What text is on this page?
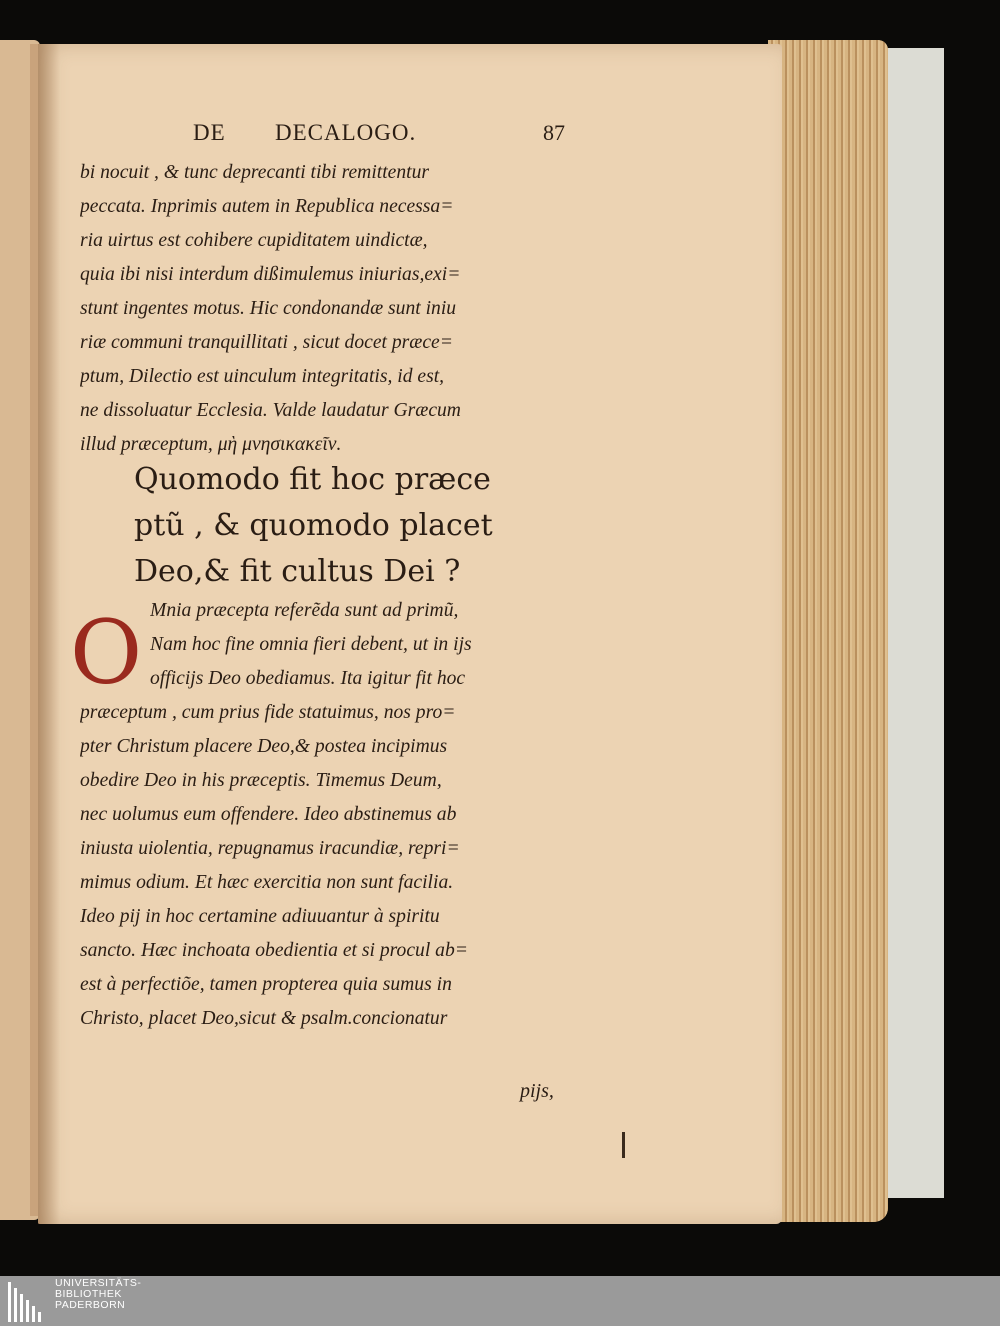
DE DECALOGO.	87
bi nocuit , & tunc deprecanti tibi remittentur
peccata. Inprimis autem in Republica necessa=
ria uirtus est cohibere cupiditatem uindictæ,
quia ibi nisi interdum dißimulemus iniurias,exi=
stunt ingentes motus. Hic condonandæ sunt iniu
riæ communi tranquillitati , sicut docet præce=
ptum, Dilectio est uinculum integritatis, id est,
ne dissoluatur Ecclesia. Valde laudatur Græcum
illud præceptum, μὴ μνησικακεῖν.
Quomodo fit hoc præce
ptũ , & quomodo placet
Deo,& fit cultus Dei ?
O Mnia præcepta referẽda sunt ad primũ,
Nam hoc fine omnia fieri debent, ut in ijs
officijs Deo obediamus. Ita igitur fit hoc
præceptum , cum prius fide statuimus, nos pro=
pter Christum placere Deo,& postea incipimus
obedire Deo in his præceptis. Timemus Deum,
nec uolumus eum offendere. Ideo abstinemus ab
iniusta uiolentia, repugnamus iracundiæ, repri=
mimus odium. Et hæc exercitia non sunt facilia.
Ideo pij in hoc certamine adiuuantur à spiritu
sancto. Hæc inchoata obedientia et si procul ab=
est à perfectiõe, tamen propterea quia sumus in
Christo, placet Deo,sicut & psalm.concionatur
pijs,
UNIVERSITÄTS-
BIBLIOTHEK
PADERBORN
